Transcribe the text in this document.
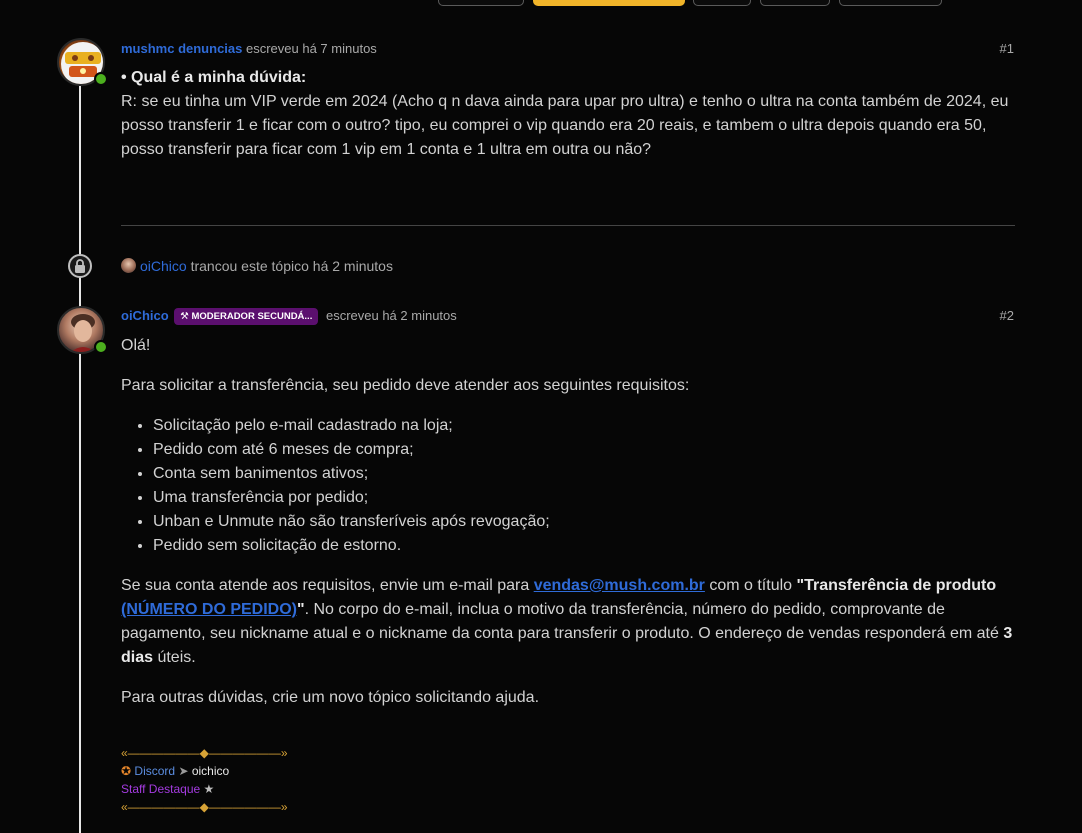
mushmc denuncias escreveu há 7 minutos	#1

• Qual é a minha dúvida:

R: se eu tinha um VIP verde em 2024 (Acho q n dava ainda para upar pro ultra) e tenho o ultra na conta também de 2024, eu posso transferir 1 e ficar com o outro? tipo, eu comprei o vip quando era 20 reais, e tambem o ultra depois quando era 50, posso transferir para ficar com 1 vip em 1 conta e 1 ultra em outra ou não?

oiChico trancou este tópico há 2 minutos
oiChico ⚒ MODERADOR SECUNDÁ... escreveu há 2 minutos	#2

Olá!

Para solicitar a transferência, seu pedido deve atender aos seguintes requisitos:

• Solicitação pelo e-mail cadastrado na loja;
• Pedido com até 6 meses de compra;
• Conta sem banimentos ativos;
• Uma transferência por pedido;
• Unban e Unmute não são transferíveis após revogação;
• Pedido sem solicitação de estorno.

Se sua conta atende aos requisitos, envie um e-mail para vendas@mush.com.br com o título "Transferência de produto (NÚMERO DO PEDIDO)". No corpo do e-mail, inclua o motivo da transferência, número do pedido, comprovante de pagamento, seu nickname atual e o nickname da conta para transferir o produto. O endereço de vendas responderá em até 3 dias úteis.

Para outras dúvidas, crie um novo tópico solicitando ajuda.

«——————◆——————»
✪ Discord ➤ oichico
Staff Destaque ★
«——————◆——————»
